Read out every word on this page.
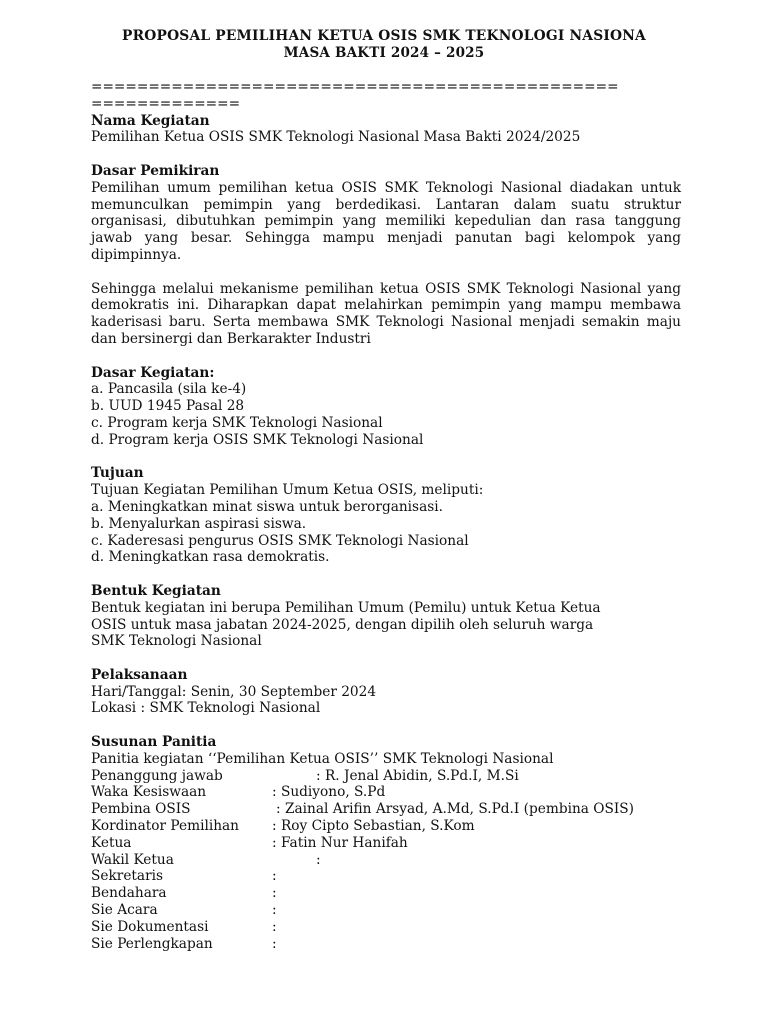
PROPOSAL PEMILIHAN KETUA OSIS SMK TEKNOLOGI NASIONA
MASA BAKTI 2024 – 2025
==============================================
=============
Nama Kegiatan
Pemilihan Ketua OSIS SMK Teknologi Nasional Masa Bakti 2024/2025
Dasar Pemikiran
Pemilihan umum pemilihan ketua OSIS SMK Teknologi Nasional diadakan untuk memunculkan pemimpin yang berdedikasi. Lantaran dalam suatu struktur organisasi, dibutuhkan pemimpin yang memiliki kepedulian dan rasa tanggung jawab yang besar. Sehingga mampu menjadi panutan bagi kelompok yang dipimpinnya.
Sehingga melalui mekanisme pemilihan ketua OSIS SMK Teknologi Nasional yang demokratis ini. Diharapkan dapat melahirkan pemimpin yang mampu membawa kaderisasi baru. Serta membawa SMK Teknologi Nasional menjadi semakin maju dan bersinergi dan Berkarakter Industri
Dasar Kegiatan:
a. Pancasila (sila ke-4)
b. UUD 1945 Pasal 28
c. Program kerja SMK Teknologi Nasional
d. Program kerja OSIS SMK Teknologi Nasional
Tujuan
Tujuan Kegiatan Pemilihan Umum Ketua OSIS, meliputi:
a. Meningkatkan minat siswa untuk berorganisasi.
b. Menyalurkan aspirasi siswa.
c. Kaderesasi pengurus OSIS SMK Teknologi Nasional
d. Meningkatkan rasa demokratis.
Bentuk Kegiatan
Bentuk kegiatan ini berupa Pemilihan Umum (Pemilu) untuk Ketua Ketua
OSIS untuk masa jabatan 2024-2025, dengan dipilih oleh seluruh warga
SMK Teknologi Nasional
Pelaksanaan
Hari/Tanggal: Senin, 30 September 2024
Lokasi : SMK Teknologi Nasional
Susunan Panitia
Panitia kegiatan ‘‘Pemilihan Ketua OSIS’’ SMK Teknologi Nasional
Penanggung jawab	: R. Jenal Abidin, S.Pd.I, M.Si
Waka Kesiswaan	: Sudiyono, S.Pd
Pembina OSIS	: Zainal Arifin Arsyad, A.Md, S.Pd.I (pembina OSIS)
Kordinator Pemilihan	: Roy Cipto Sebastian, S.Kom
Ketua	: Fatin Nur Hanifah
Wakil Ketua	:
Sekretaris	:
Bendahara	:
Sie Acara	:
Sie Dokumentasi	:
Sie Perlengkapan	:
